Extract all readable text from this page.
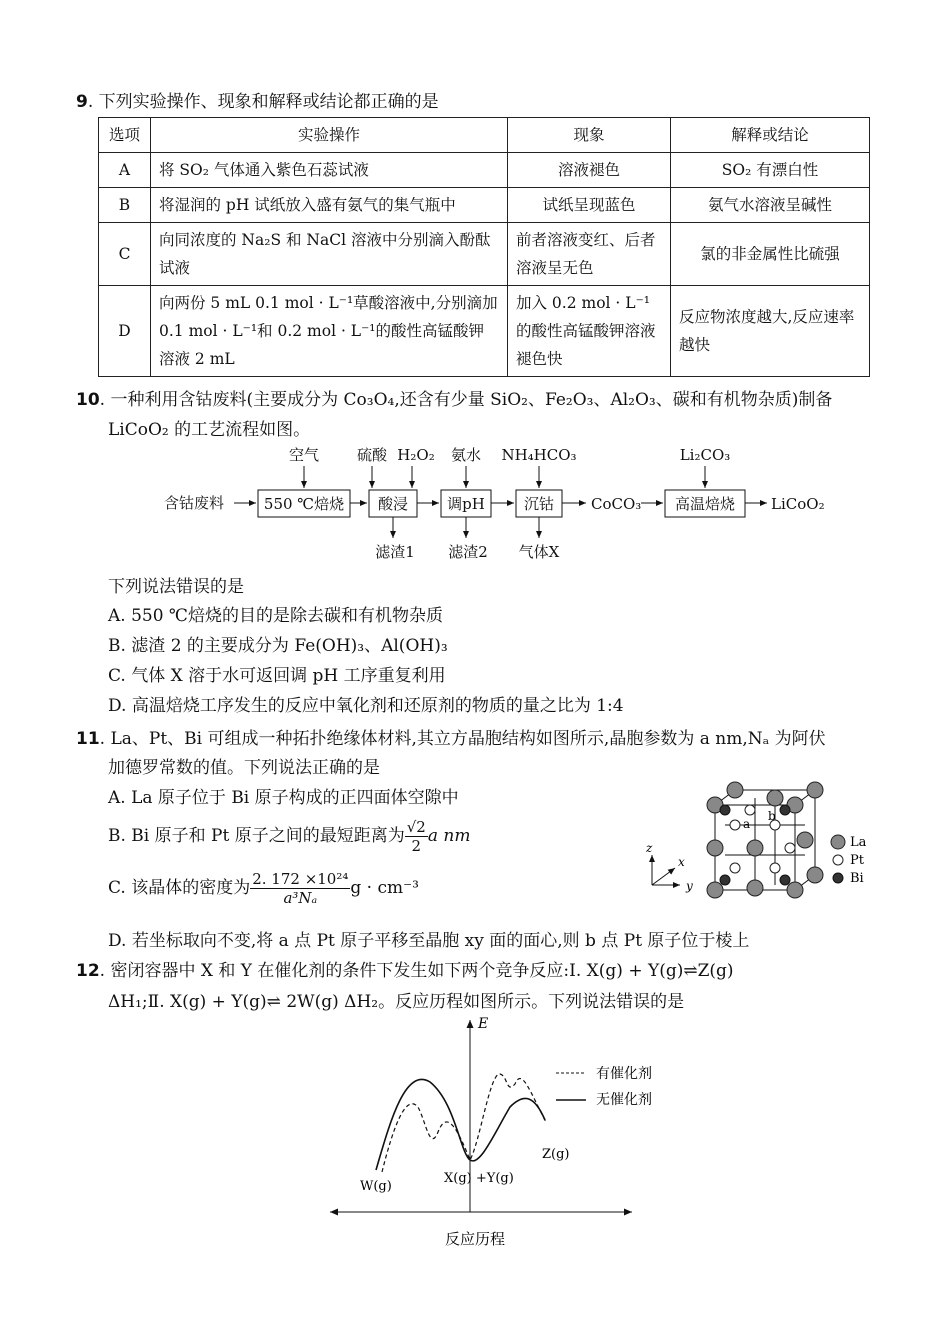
9. 下列实验操作、现象和解释或结论都正确的是
选项	实验操作	现象	解释或结论
A	将 SO₂ 气体通入紫色石蕊试液	溶液褪色	SO₂ 有漂白性
B	将湿润的 pH 试纸放入盛有氨气的集气瓶中	试纸呈现蓝色	氨气水溶液呈碱性
C	向同浓度的 Na₂S 和 NaCl 溶液中分别滴入酚酞试液	前者溶液变红、后者溶液呈无色	氯的非金属性比硫强
D	向两份 5 mL 0.1 mol · L⁻¹草酸溶液中,分别滴加 0.1 mol · L⁻¹和 0.2 mol · L⁻¹的酸性高锰酸钾溶液 2 mL	加入 0.2 mol · L⁻¹的酸性高锰酸钾溶液褪色快	反应物浓度越大,反应速率越快
10. 一种利用含钴废料(主要成分为 Co₃O₄,还含有少量 SiO₂、Fe₂O₃、Al₂O₃、碳和有机物杂质)制备
LiCoO₂ 的工艺流程如图。
含钴废料	550 ℃焙烧 酸浸	调pH	沉钴 CoCO₃ 高温焙烧 LiCoO₂
空气	硫酸 H₂O₂ 氨水 NH₄HCO₃	Li₂CO₃
滤渣1 滤渣2 气体X
下列说法错误的是
A. 550 ℃焙烧的目的是除去碳和有机物杂质
B. 滤渣 2 的主要成分为 Fe(OH)₃、Al(OH)₃
C. 气体 X 溶于水可返回调 pH 工序重复利用
D. 高温焙烧工序发生的反应中氧化剂和还原剂的物质的量之比为 1:4
11. La、Pt、Bi 可组成一种拓扑绝缘体材料,其立方晶胞结构如图所示,晶胞参数为 a nm,Nₐ 为阿伏
加德罗常数的值。下列说法正确的是
A. La 原子位于 Bi 原子构成的正四面体空隙中
B. Bi 原子和 Pt 原子之间的最短距离为 $\frac{√2}{2}$ a nm
C. 该晶体的密度为 $\frac{\text{2. 172 ×10²⁴}}{\text{a³Nₐ}}$ g · cm⁻³
D. 若坐标取向不变,将 a 点 Pt 原子平移至晶胞 xy 面的面心,则 b 点 Pt 原子位于棱上
a
b
z
x
y
La
Pt
Bi
12. 密闭容器中 X 和 Y 在催化剂的条件下发生如下两个竞争反应:Ⅰ. X(g) + Y(g)⇌Z(g)
ΔH₁;Ⅱ. X(g) + Y(g)⇌ 2W(g) ΔH₂。反应历程如图所示。下列说法错误的是
E
反应历程
有催化剂
无催化剂
W(g)
X(g) +Y(g)
Z(g)
